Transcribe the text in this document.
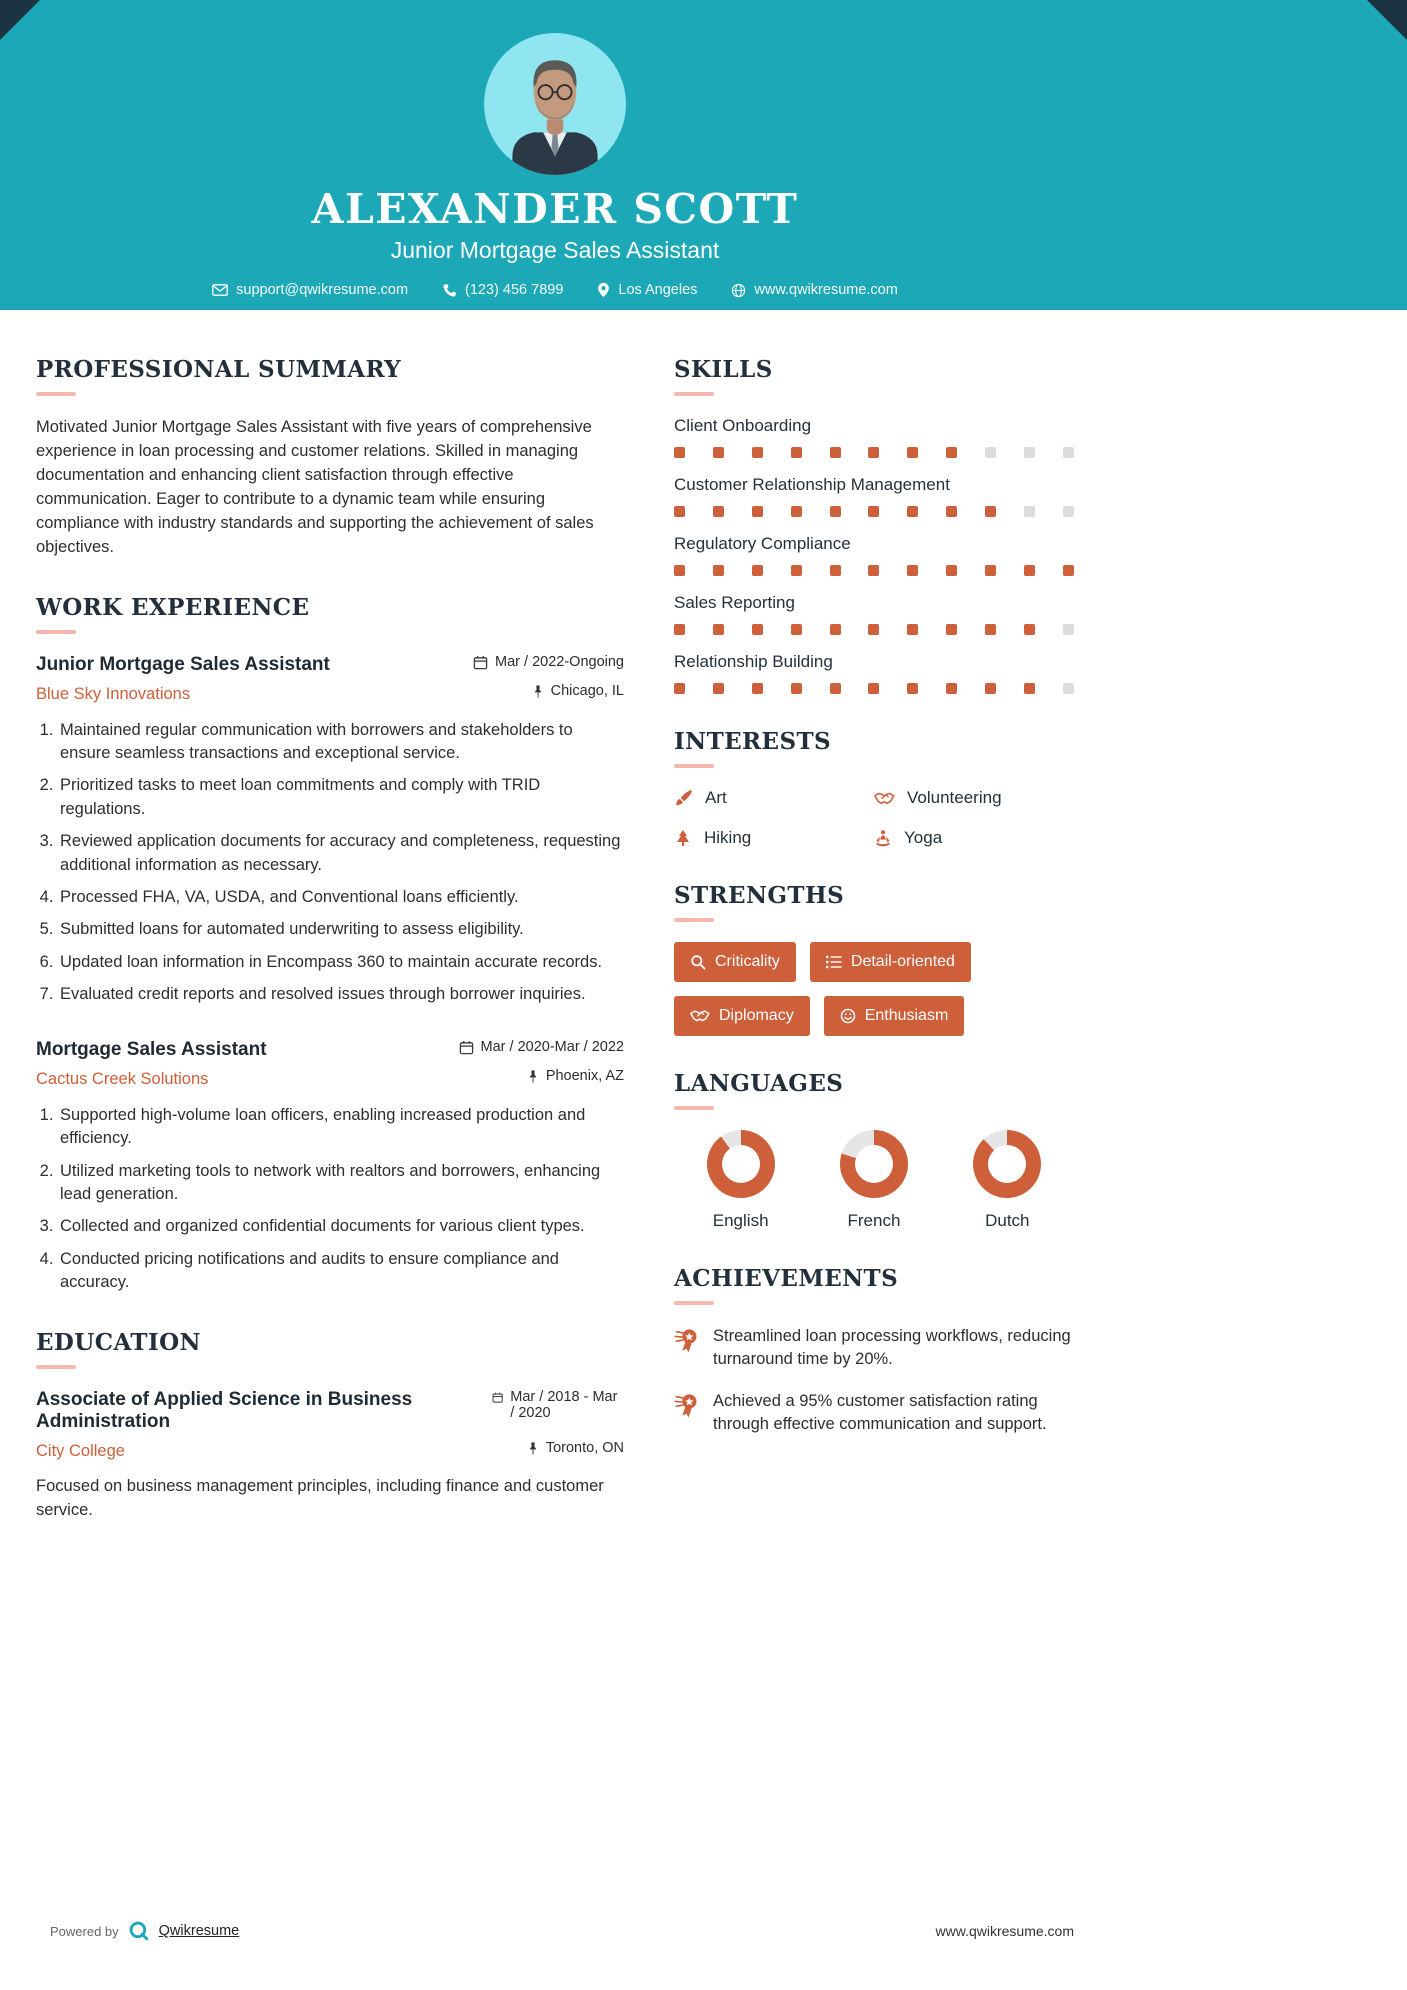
ALEXANDER SCOTT
Junior Mortgage Sales Assistant
support@qwikresume.com	(123) 456 7899	Los Angeles	www.qwikresume.com
PROFESSIONAL SUMMARY

Motivated Junior Mortgage Sales Assistant with five years of comprehensive experience in loan processing and customer relations. Skilled in managing documentation and enhancing client satisfaction through effective communication. Eager to contribute to a dynamic team while ensuring compliance with industry standards and supporting the achievement of sales objectives.

WORK EXPERIENCE
Junior Mortgage Sales Assistant	Mar / 2022-Ongoing
Blue Sky Innovations	Chicago, IL
1. Maintained regular communication with borrowers and stakeholders to ensure seamless transactions and exceptional service.
2. Prioritized tasks to meet loan commitments and comply with TRID regulations.
3. Reviewed application documents for accuracy and completeness, requesting additional information as necessary.
4. Processed FHA, VA, USDA, and Conventional loans efficiently.
5. Submitted loans for automated underwriting to assess eligibility.
6. Updated loan information in Encompass 360 to maintain accurate records.
7. Evaluated credit reports and resolved issues through borrower inquiries.
Mortgage Sales Assistant	Mar / 2020-Mar / 2022
Cactus Creek Solutions	Phoenix, AZ
1. Supported high-volume loan officers, enabling increased production and efficiency.
2. Utilized marketing tools to network with realtors and borrowers, enhancing lead generation.
3. Collected and organized confidential documents for various client types.
4. Conducted pricing notifications and audits to ensure compliance and accuracy.
EDUCATION
Associate of Applied Science in Business Administration
Mar / 2018 - Mar / 2020
City College	Toronto, ON

Focused on business management principles, including finance and customer service.

SKILLS
Client Onboarding
Customer Relationship Management
Regulatory Compliance
Sales Reporting
Relationship Building
INTERESTS
Art	Volunteering
Hiking	Yoga
STRENGTHS
Criticality	Detail-oriented
Diplomacy	Enthusiasm
LANGUAGES
English	French	Dutch
ACHIEVEMENTS
Streamlined loan processing workflows, reducing turnaround time by 20%.
Achieved a 95% customer satisfaction rating through effective communication and support.
Powered by	Qwikresume	www.qwikresume.com
